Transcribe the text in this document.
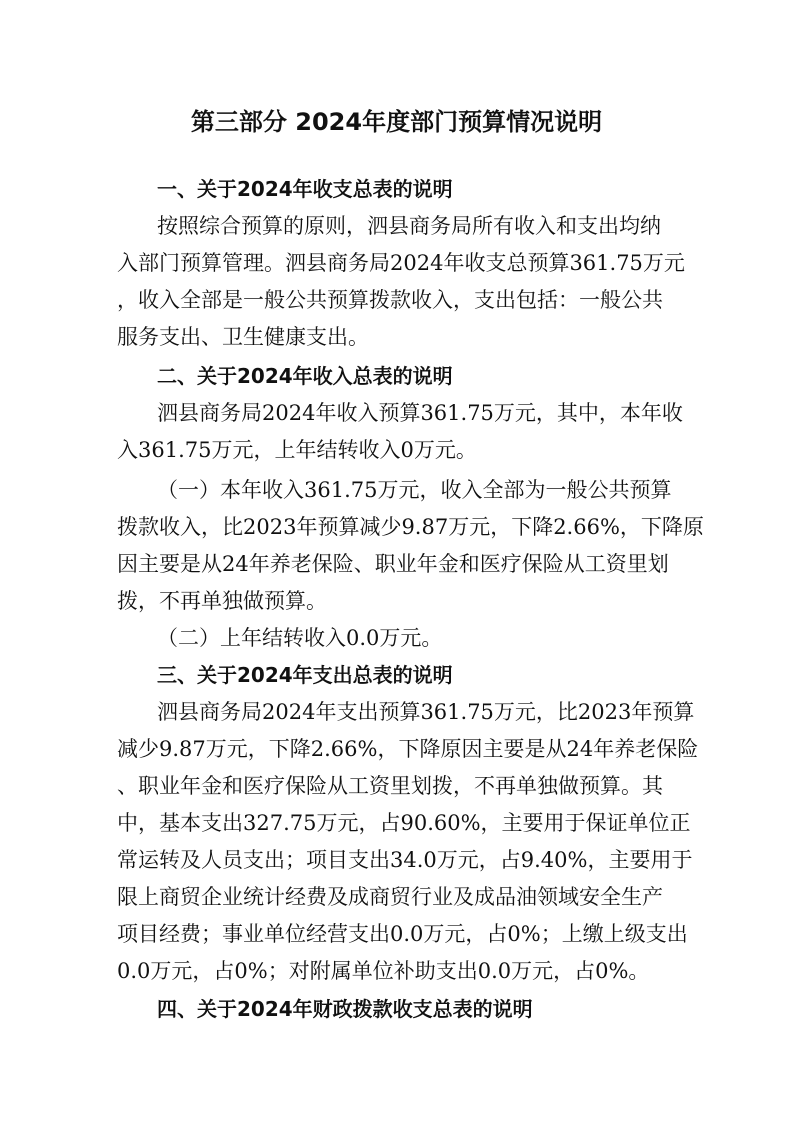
第三部分 2024年度部门预算情况说明
一、关于2024年收支总表的说明
按照综合预算的原则，泗县商务局所有收入和支出均纳
入部门预算管理。泗县商务局2024年收支总预算361.75万元
，收入全部是一般公共预算拨款收入，支出包括：一般公共
服务支出、卫生健康支出。
二、关于2024年收入总表的说明
泗县商务局2024年收入预算361.75万元，其中，本年收
入361.75万元，上年结转收入0万元。
（一）本年收入361.75万元，收入全部为一般公共预算
拨款收入，比2023年预算减少9.87万元，下降2.66%，下降原
因主要是从24年养老保险、职业年金和医疗保险从工资里划
拨，不再单独做预算。
（二）上年结转收入0.0万元。
三、关于2024年支出总表的说明
泗县商务局2024年支出预算361.75万元，比2023年预算
减少9.87万元，下降2.66%，下降原因主要是从24年养老保险
、职业年金和医疗保险从工资里划拨，不再单独做预算。其
中，基本支出327.75万元，占90.60%，主要用于保证单位正
常运转及人员支出；项目支出34.0万元，占9.40%，主要用于
限上商贸企业统计经费及成商贸行业及成品油领域安全生产
项目经费；事业单位经营支出0.0万元，占0%；上缴上级支出
0.0万元，占0%；对附属单位补助支出0.0万元，占0%。
四、关于2024年财政拨款收支总表的说明
